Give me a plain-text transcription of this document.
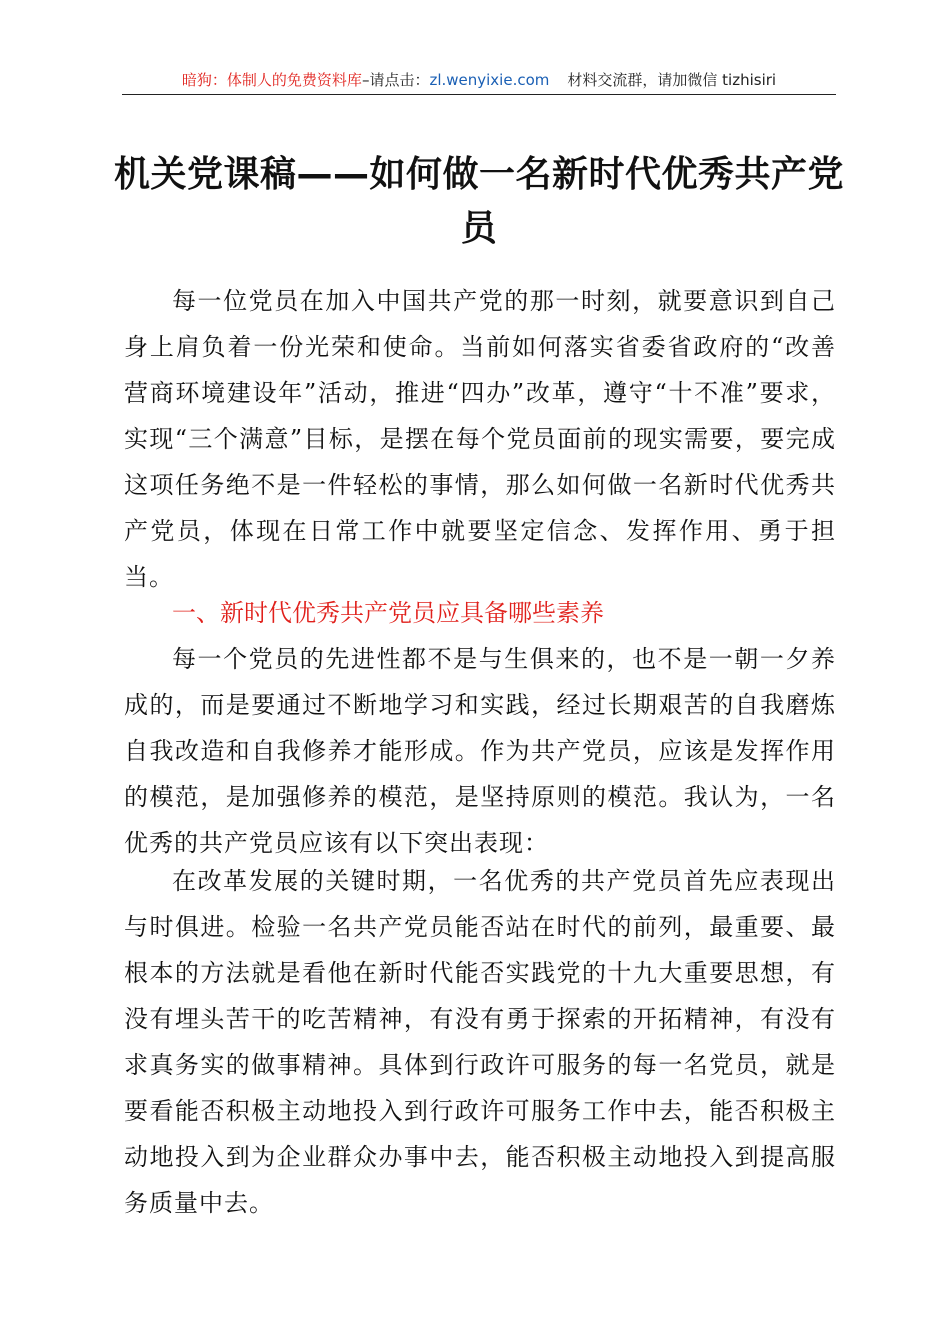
暗狗：体制人的免费资料库–请点击：zl.wenyixie.com 材料交流群，请加微信 tizhisiri
机关党课稿——如何做一名新时代优秀共产党员

每一位党员在加入中国共产党的那一时刻，就要意识到自己身上肩负着一份光荣和使命。当前如何落实省委省政府的“改善营商环境建设年”活动，推进“四办”改革，遵守“十不准”要求，实现“三个满意”目标，是摆在每个党员面前的现实需要，要完成这项任务绝不是一件轻松的事情，那么如何做一名新时代优秀共产党员，体现在日常工作中就要坚定信念、发挥作用、勇于担当。

一、新时代优秀共产党员应具备哪些素养

每一个党员的先进性都不是与生俱来的，也不是一朝一夕养成的，而是要通过不断地学习和实践，经过长期艰苦的自我磨炼自我改造和自我修养才能形成。作为共产党员，应该是发挥作用的模范，是加强修养的模范，是坚持原则的模范。我认为，一名优秀的共产党员应该有以下突出表现：

在改革发展的关键时期，一名优秀的共产党员首先应表现出与时俱进。检验一名共产党员能否站在时代的前列，最重要、最根本的方法就是看他在新时代能否实践党的十九大重要思想，有没有埋头苦干的吃苦精神，有没有勇于探索的开拓精神，有没有求真务实的做事精神。具体到行政许可服务的每一名党员，就是要看能否积极主动地投入到行政许可服务工作中去，能否积极主动地投入到为企业群众办事中去，能否积极主动地投入到提高服务质量中去。
